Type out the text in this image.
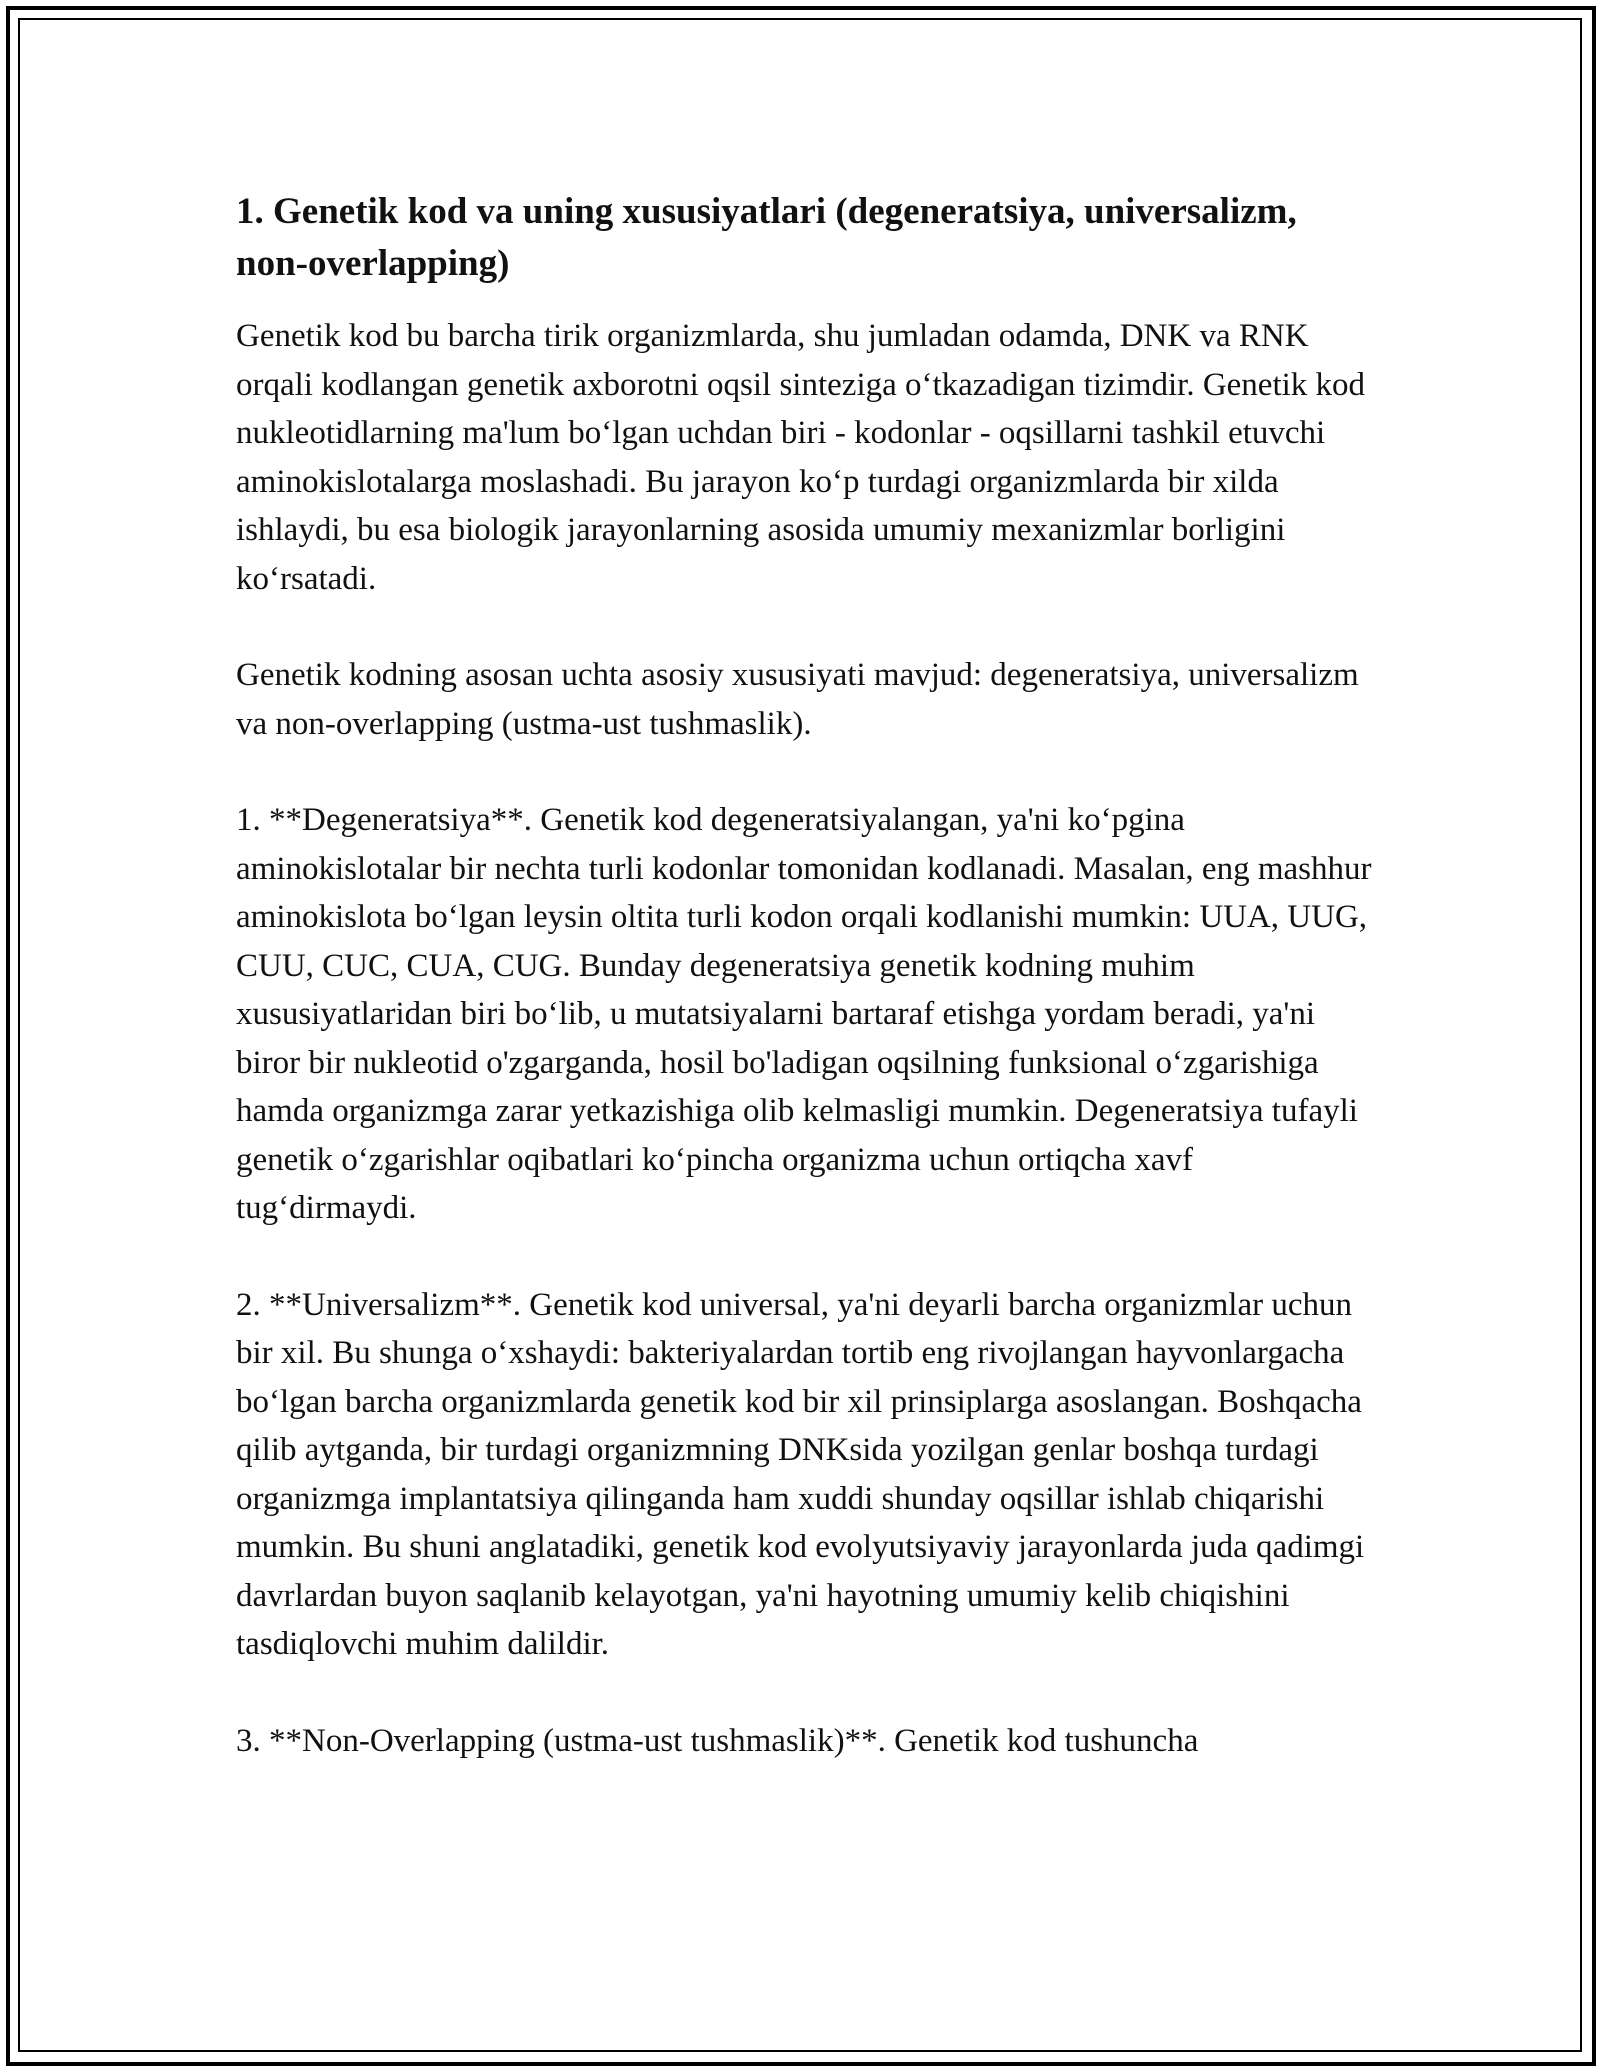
1. Genetik kod va uning xususiyatlari (degeneratsiya, universalizm, non-overlapping)

Genetik kod bu barcha tirik organizmlarda, shu jumladan odamda, DNK va RNK orqali kodlangan genetik axborotni oqsil sinteziga o‘tkazadigan tizimdir. Genetik kod nukleotidlarning ma'lum bo‘lgan uchdan biri - kodonlar - oqsillarni tashkil etuvchi aminokislotalarga moslashadi. Bu jarayon ko‘p turdagi organizmlarda bir xilda ishlaydi, bu esa biologik jarayonlarning asosida umumiy mexanizmlar borligini ko‘rsatadi.

Genetik kodning asosan uchta asosiy xususiyati mavjud: degeneratsiya, universalizm va non-overlapping (ustma-ust tushmaslik).

1. **Degeneratsiya**. Genetik kod degeneratsiyalangan, ya'ni ko‘pgina aminokislotalar bir nechta turli kodonlar tomonidan kodlanadi. Masalan, eng mashhur aminokislota bo‘lgan leysin oltita turli kodon orqali kodlanishi mumkin: UUA, UUG, CUU, CUC, CUA, CUG. Bunday degeneratsiya genetik kodning muhim xususiyatlaridan biri bo‘lib, u mutatsiyalarni bartaraf etishga yordam beradi, ya'ni biror bir nukleotid o'zgarganda, hosil bo'ladigan oqsilning funksional o‘zgarishiga hamda organizmga zarar yetkazishiga olib kelmasligi mumkin. Degeneratsiya tufayli genetik o‘zgarishlar oqibatlari ko‘pincha organizma uchun ortiqcha xavf tug‘dirmaydi.

2. **Universalizm**. Genetik kod universal, ya'ni deyarli barcha organizmlar uchun bir xil. Bu shunga o‘xshaydi: bakteriyalardan tortib eng rivojlangan hayvonlargacha bo‘lgan barcha organizmlarda genetik kod bir xil prinsiplarga asoslangan. Boshqacha qilib aytganda, bir turdagi organizmning DNKsida yozilgan genlar boshqa turdagi organizmga implantatsiya qilinganda ham xuddi shunday oqsillar ishlab chiqarishi mumkin. Bu shuni anglatadiki, genetik kod evolyutsiyaviy jarayonlarda juda qadimgi davrlardan buyon saqlanib kelayotgan, ya'ni hayotning umumiy kelib chiqishini tasdiqlovchi muhim dalildir.

3. **Non-Overlapping (ustma-ust tushmaslik)**. Genetik kod tushuncha
